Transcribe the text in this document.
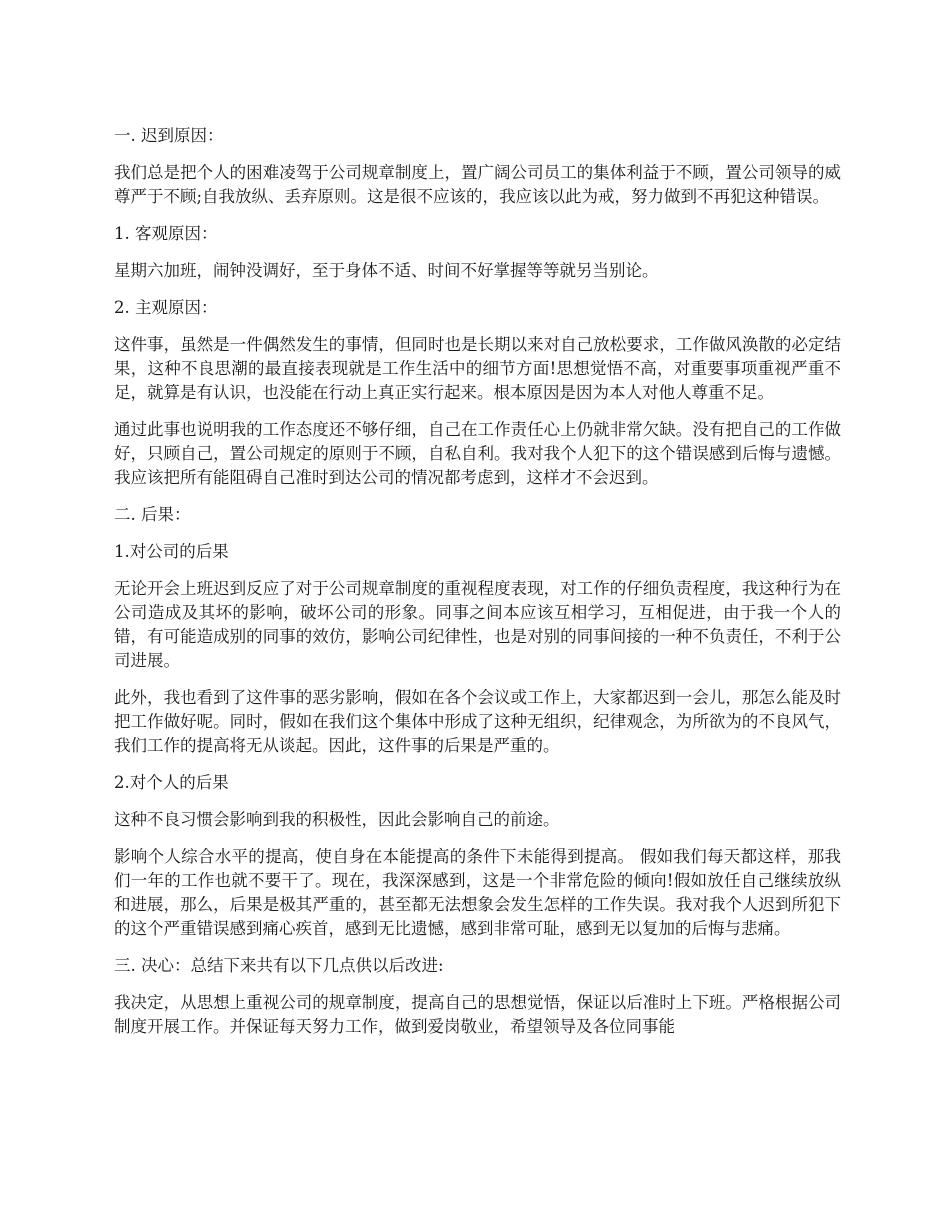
一. 迟到原因：

我们总是把个人的困难凌驾于公司规章制度上，置广阔公司员工的集体利益于不顾，置公司领导的威尊严于不顾;自我放纵、丢弃原则。这是很不应该的，我应该以此为戒，努力做到不再犯这种错误。

1. 客观原因：

星期六加班，闹钟没调好，至于身体不适、时间不好掌握等等就另当别论。

2. 主观原因：

这件事，虽然是一件偶然发生的事情，但同时也是长期以来对自己放松要求，工作做风涣散的必定结果，这种不良思潮的最直接表现就是工作生活中的细节方面!思想觉悟不高，对重要事项重视严重不足，就算是有认识，也没能在行动上真正实行起来。根本原因是因为本人对他人尊重不足。

通过此事也说明我的工作态度还不够仔细，自己在工作责任心上仍就非常欠缺。没有把自己的工作做好，只顾自己，置公司规定的原则于不顾，自私自利。我对我个人犯下的这个错误感到后悔与遗憾。我应该把所有能阻碍自己准时到达公司的情况都考虑到，这样才不会迟到。

二. 后果：

1.对公司的后果

无论开会上班迟到反应了对于公司规章制度的重视程度表现，对工作的仔细负责程度，我这种行为在公司造成及其坏的影响，破坏公司的形象。同事之间本应该互相学习，互相促进，由于我一个人的错，有可能造成别的同事的效仿，影响公司纪律性，也是对别的同事间接的一种不负责任，不利于公司进展。

此外，我也看到了这件事的恶劣影响，假如在各个会议或工作上，大家都迟到一会儿，那怎么能及时把工作做好呢。同时，假如在我们这个集体中形成了这种无组织，纪律观念，为所欲为的不良风气，我们工作的提高将无从谈起。因此，这件事的后果是严重的。

2.对个人的后果

这种不良习惯会影响到我的积极性，因此会影响自己的前途。

影响个人综合水平的提高，使自身在本能提高的条件下未能得到提高。 假如我们每天都这样，那我们一年的工作也就不要干了。现在，我深深感到，这是一个非常危险的倾向!假如放任自己继续放纵和进展，那么，后果是极其严重的，甚至都无法想象会发生怎样的工作失误。我对我个人迟到所犯下的这个严重错误感到痛心疾首，感到无比遗憾，感到非常可耻，感到无以复加的后悔与悲痛。

三. 决心：总结下来共有以下几点供以后改进:

我决定，从思想上重视公司的规章制度，提高自己的思想觉悟，保证以后准时上下班。严格根据公司制度开展工作。并保证每天努力工作，做到爱岗敬业，希望领导及各位同事能
